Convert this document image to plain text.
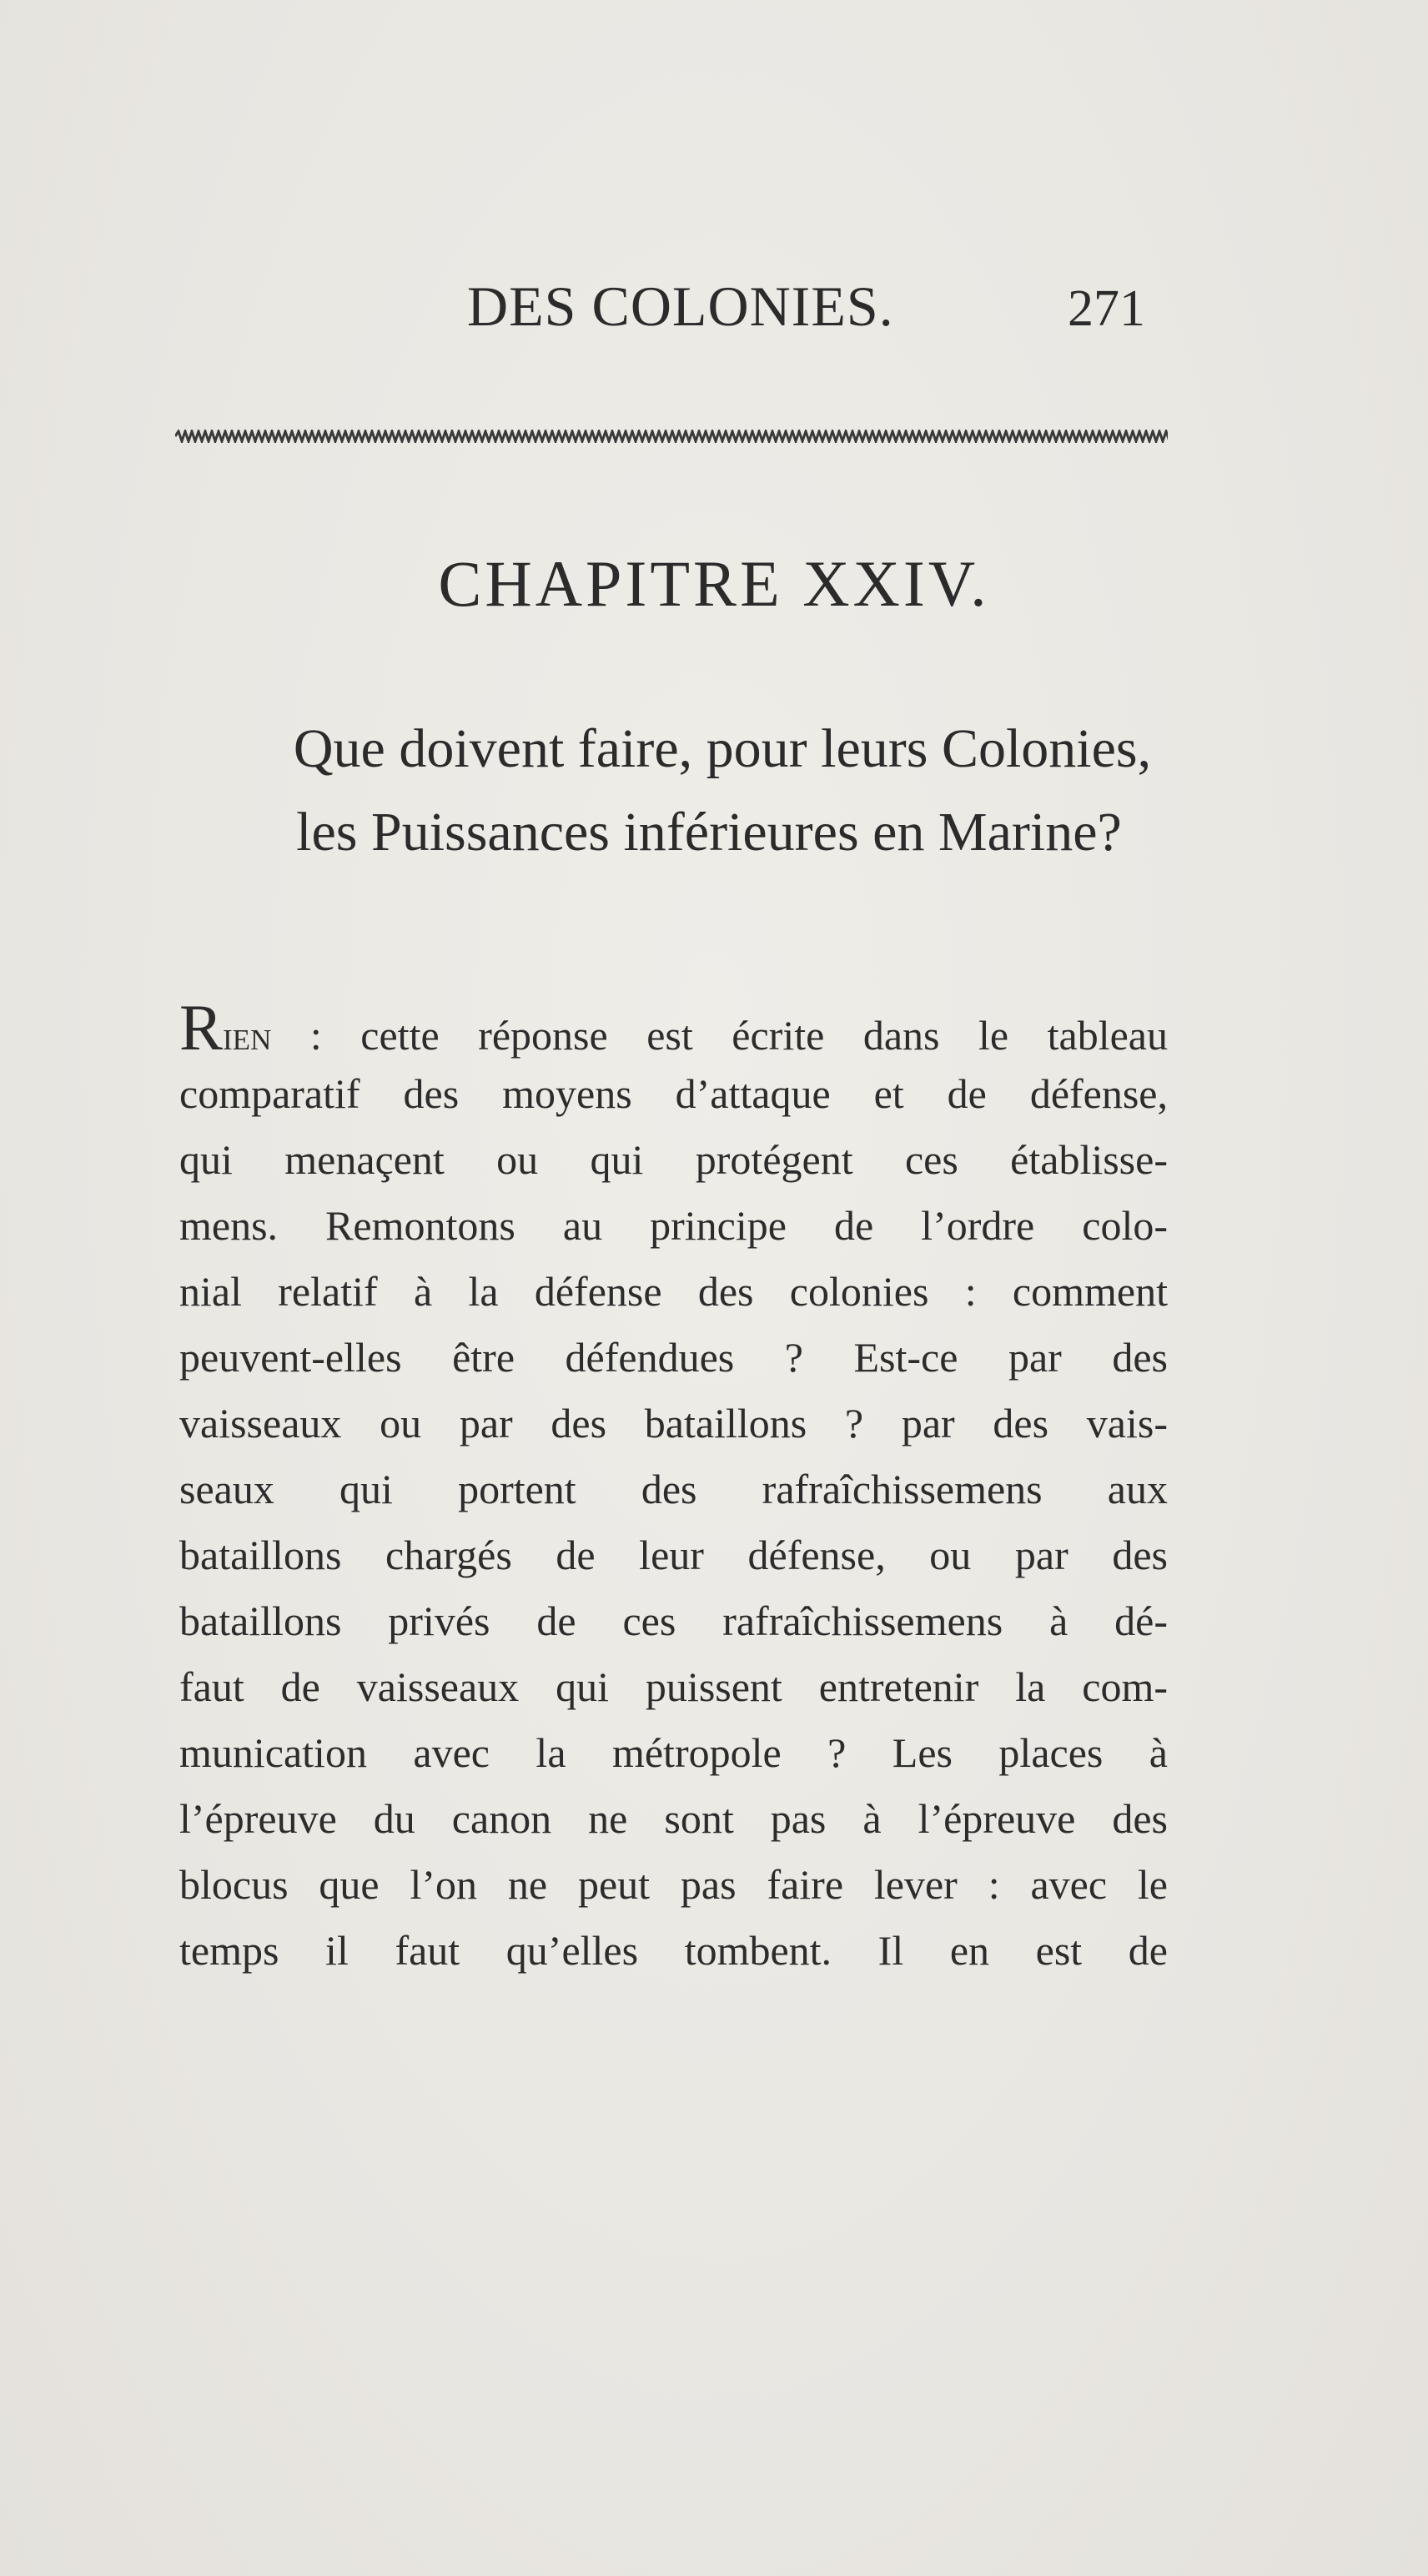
DES COLONIES.	271
CHAPITRE XXIV.
Que doivent faire, pour leurs Colonies,
les Puissances inférieures en Marine?
Rien : cette réponse est écrite dans le tableau
comparatif des moyens d’attaque et de défense,
qui menaçent ou qui protégent ces établisse-
mens. Remontons au principe de l’ordre colo-
nial relatif à la défense des colonies : comment
peuvent-elles être défendues ? Est-ce par des
vaisseaux ou par des bataillons ? par des vais-
seaux qui portent des rafraîchissemens aux
bataillons chargés de leur défense, ou par des
bataillons privés de ces rafraîchissemens à dé-
faut de vaisseaux qui puissent entretenir la com-
munication avec la métropole ? Les places à
l’épreuve du canon ne sont pas à l’épreuve des
blocus que l’on ne peut pas faire lever : avec le
temps il faut qu’elles tombent. Il en est de
